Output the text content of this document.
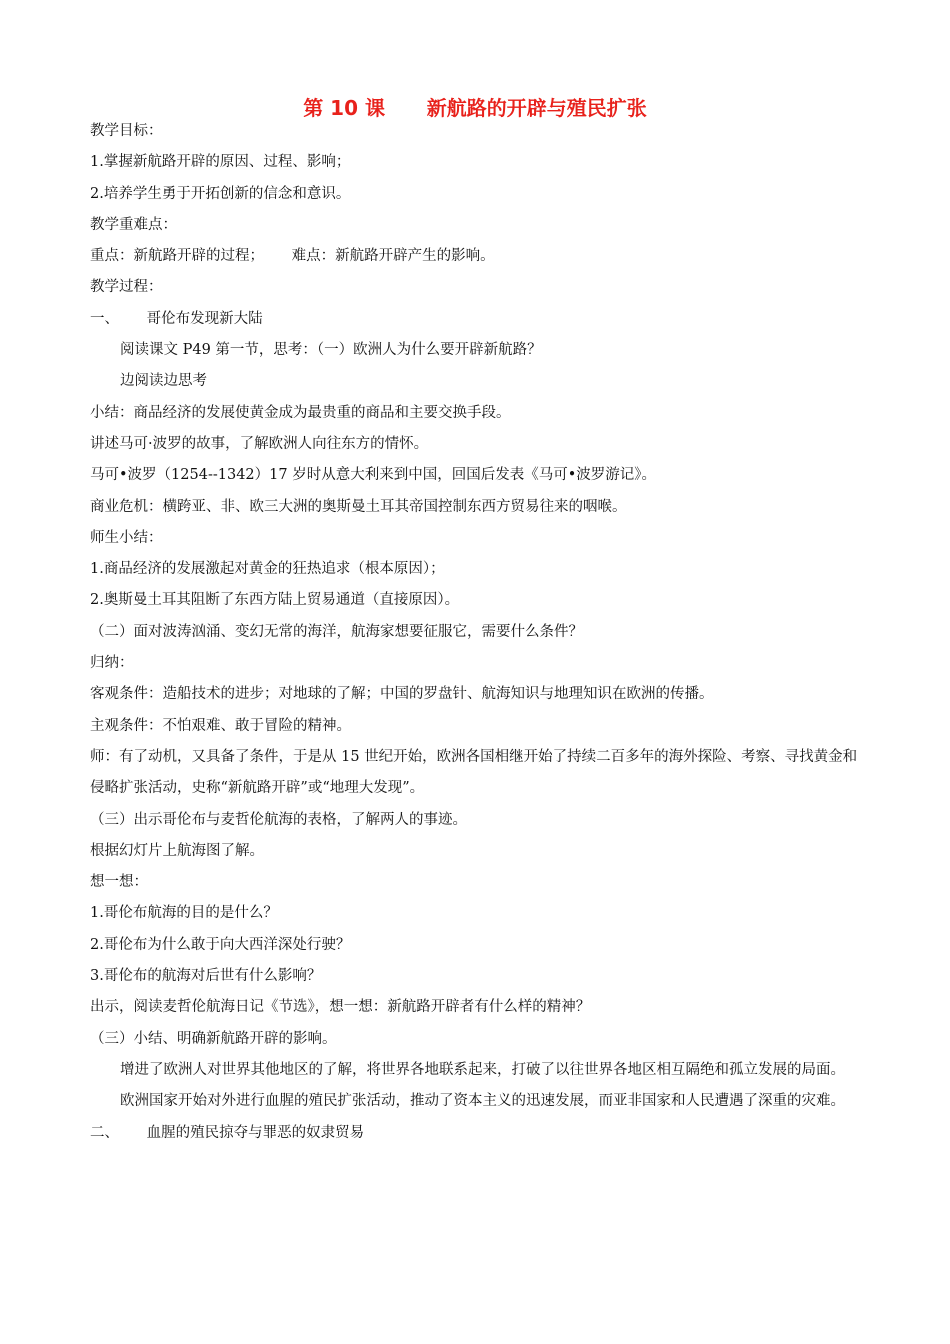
第 10 课      新航路的开辟与殖民扩张

教学目标：

1.掌握新航路开辟的原因、过程、影响；

2.培养学生勇于开拓创新的信念和意识。

教学重难点：

重点：新航路开辟的过程；      难点：新航路开辟产生的影响。

教学过程：

一、      哥伦布发现新大陆

阅读课文 P49 第一节，思考：（一）欧洲人为什么要开辟新航路？

边阅读边思考

小结：商品经济的发展使黄金成为最贵重的商品和主要交换手段。

讲述马可·波罗的故事，了解欧洲人向往东方的情怀。

马可•波罗（1254--1342）17 岁时从意大利来到中国，回国后发表《马可•波罗游记》。

商业危机：横跨亚、非、欧三大洲的奥斯曼土耳其帝国控制东西方贸易往来的咽喉。

师生小结：

1.商品经济的发展激起对黄金的狂热追求（根本原因）；

2.奥斯曼土耳其阻断了东西方陆上贸易通道（直接原因）。

（二）面对波涛汹涌、变幻无常的海洋，航海家想要征服它，需要什么条件？

归纳：

客观条件：造船技术的进步；对地球的了解；中国的罗盘针、航海知识与地理知识在欧洲的传播。

主观条件：不怕艰难、敢于冒险的精神。

师：有了动机，又具备了条件，于是从 15 世纪开始，欧洲各国相继开始了持续二百多年的海外探险、考察、寻找黄金和侵略扩张活动，史称“新航路开辟”或“地理大发现”。

（三）出示哥伦布与麦哲伦航海的表格，了解两人的事迹。

根据幻灯片上航海图了解。

想一想：

1.哥伦布航海的目的是什么？

2.哥伦布为什么敢于向大西洋深处行驶？

3.哥伦布的航海对后世有什么影响？

出示，阅读麦哲伦航海日记《节选》，想一想：新航路开辟者有什么样的精神？

（三）小结、明确新航路开辟的影响。

增进了欧洲人对世界其他地区的了解，将世界各地联系起来，打破了以往世界各地区相互隔绝和孤立发展的局面。

欧洲国家开始对外进行血腥的殖民扩张活动，推动了资本主义的迅速发展，而亚非国家和人民遭遇了深重的灾难。

二、      血腥的殖民掠夺与罪恶的奴隶贸易
